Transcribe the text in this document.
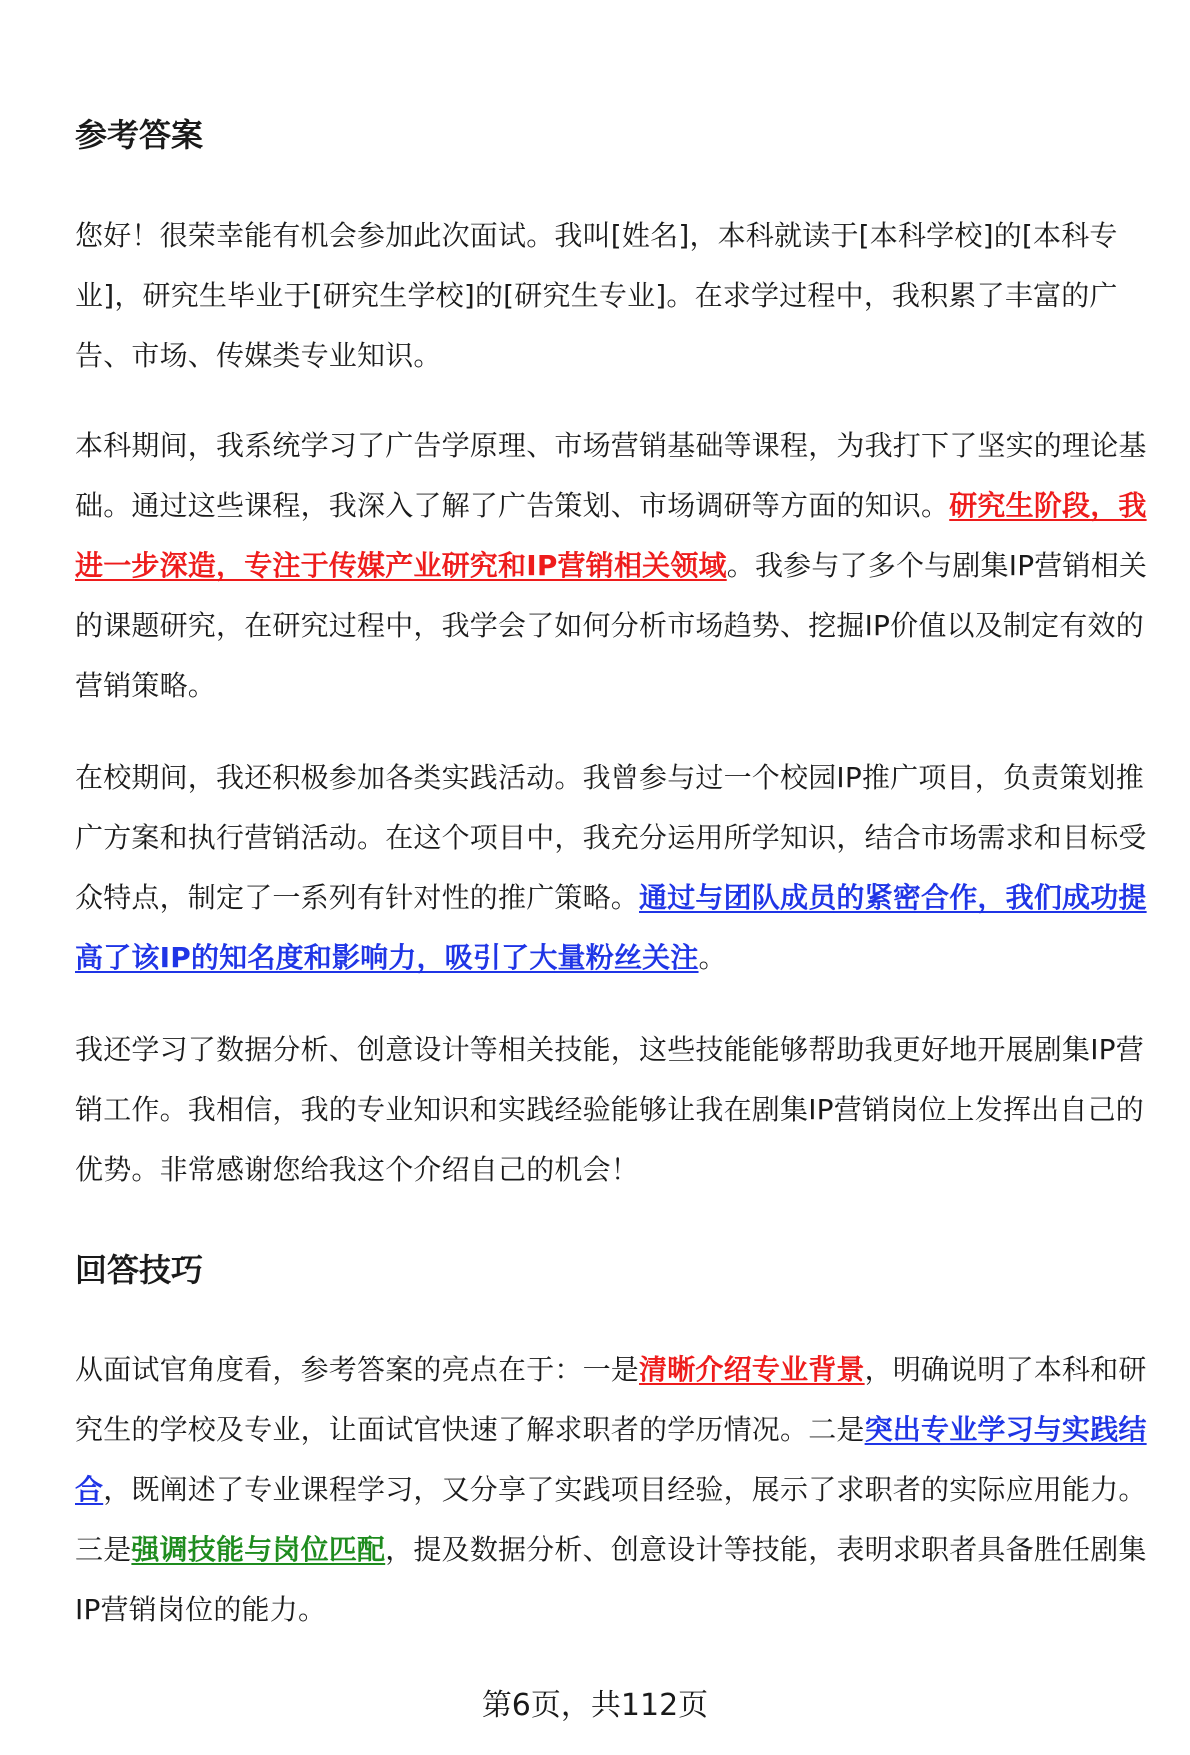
参考答案

您好！很荣幸能有机会参加此次面试。我叫[姓名]，本科就读于[本科学校]的[本科专业]，研究生毕业于[研究生学校]的[研究生专业]。在求学过程中，我积累了丰富的广告、市场、传媒类专业知识。

本科期间，我系统学习了广告学原理、市场营销基础等课程，为我打下了坚实的理论基础。通过这些课程，我深入了解了广告策划、市场调研等方面的知识。研究生阶段，我进一步深造，专注于传媒产业研究和IP营销相关领域。我参与了多个与剧集IP营销相关的课题研究，在研究过程中，我学会了如何分析市场趋势、挖掘IP价值以及制定有效的营销策略。

在校期间，我还积极参加各类实践活动。我曾参与过一个校园IP推广项目，负责策划推广方案和执行营销活动。在这个项目中，我充分运用所学知识，结合市场需求和目标受众特点，制定了一系列有针对性的推广策略。通过与团队成员的紧密合作，我们成功提高了该IP的知名度和影响力，吸引了大量粉丝关注。

我还学习了数据分析、创意设计等相关技能，这些技能能够帮助我更好地开展剧集IP营销工作。我相信，我的专业知识和实践经验能够让我在剧集IP营销岗位上发挥出自己的优势。非常感谢您给我这个介绍自己的机会！

回答技巧

从面试官角度看，参考答案的亮点在于：一是清晰介绍专业背景，明确说明了本科和研究生的学校及专业，让面试官快速了解求职者的学历情况。二是突出专业学习与实践结合，既阐述了专业课程学习，又分享了实践项目经验，展示了求职者的实际应用能力。三是强调技能与岗位匹配，提及数据分析、创意设计等技能，表明求职者具备胜任剧集IP营销岗位的能力。

第6页，共112页
